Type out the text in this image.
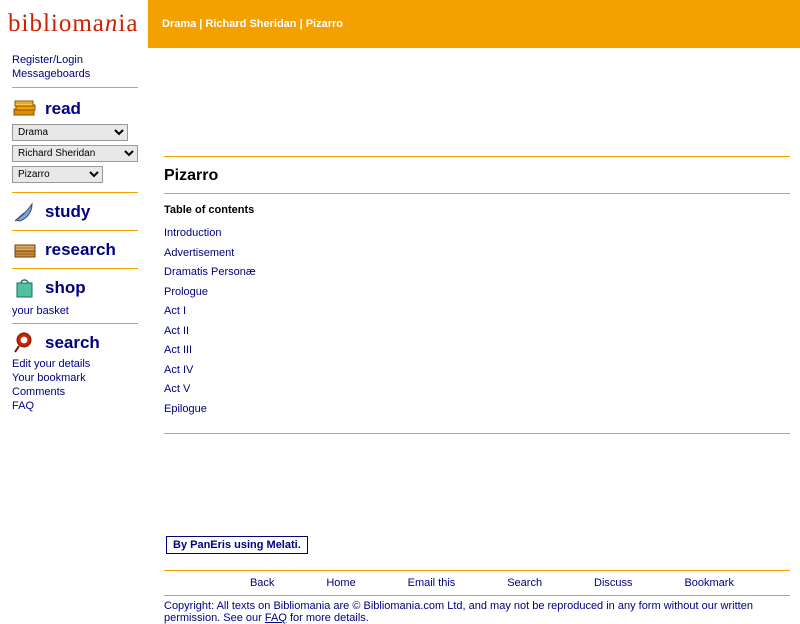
bibliomania Drama | Richard Sheridan | Pizarro
Register/Login
Messageboards
read
Drama
Richard Sheridan
Pizarro
study
research
shop
your basket
search
Edit your details
Your bookmark
Comments
FAQ
Pizarro
Table of contents
Introduction
Advertisement
Dramatis Personæ
Prologue
Act I
Act II
Act III
Act IV
Act V
Epilogue
By PanEris using Melati.
Back	Home	Email this	Search	Discuss	Bookmark
Copyright: All texts on Bibliomania are © Bibliomania.com Ltd, and may not be reproduced in any form without our written permission. See our FAQ for more details.
